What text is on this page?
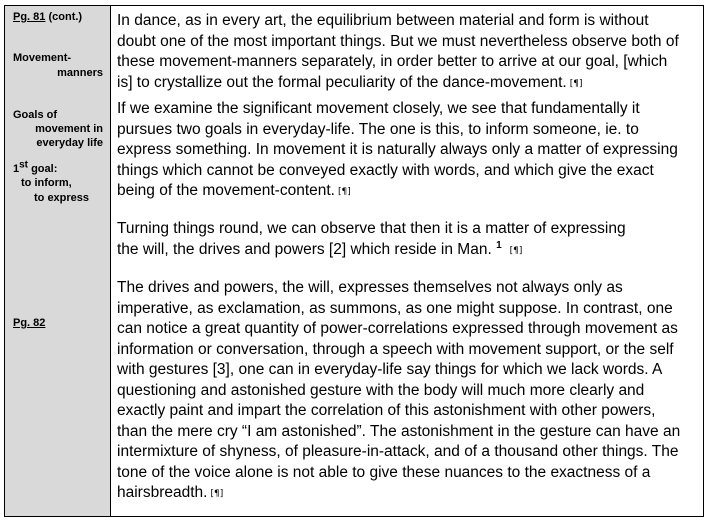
Pg. 81 (cont.)
Movement-
manners
Goals of
movement in
everyday life
1st goal:
to inform,
to express
Pg. 82

In dance, as in every art, the equilibrium between material and form is without

doubt one of the most important things. But we must nevertheless observe both of

these movement-manners separately, in order better to arrive at our goal, [which

is] to crystallize out the formal peculiarity of the dance-movement. [¶]

If we examine the significant movement closely, we see that fundamentally it

pursues two goals in everyday-life. The one is this, to inform someone, ie. to

express something. In movement it is naturally always only a matter of expressing

things which cannot be conveyed exactly with words, and which give the exact

being of the movement-content. [¶]

Turning things round, we can observe that then it is a matter of expressing

the will, the drives and powers [2] which reside in Man. $^1$[¶]

The drives and powers, the will, expresses themselves not always only as

imperative, as exclamation, as summons, as one might suppose. In contrast, one

can notice a great quantity of power-correlations expressed through movement as

information or conversation, through a speech with movement support, or the self

with gestures [3], one can in everyday-life say things for which we lack words. A

questioning and astonished gesture with the body will much more clearly and

exactly paint and impart the correlation of this astonishment with other powers,

than the mere cry “I am astonished”. The astonishment in the gesture can have an

intermixture of shyness, of pleasure-in-attack, and of a thousand other things. The

tone of the voice alone is not able to give these nuances to the exactness of a

hairsbreadth. [¶]
